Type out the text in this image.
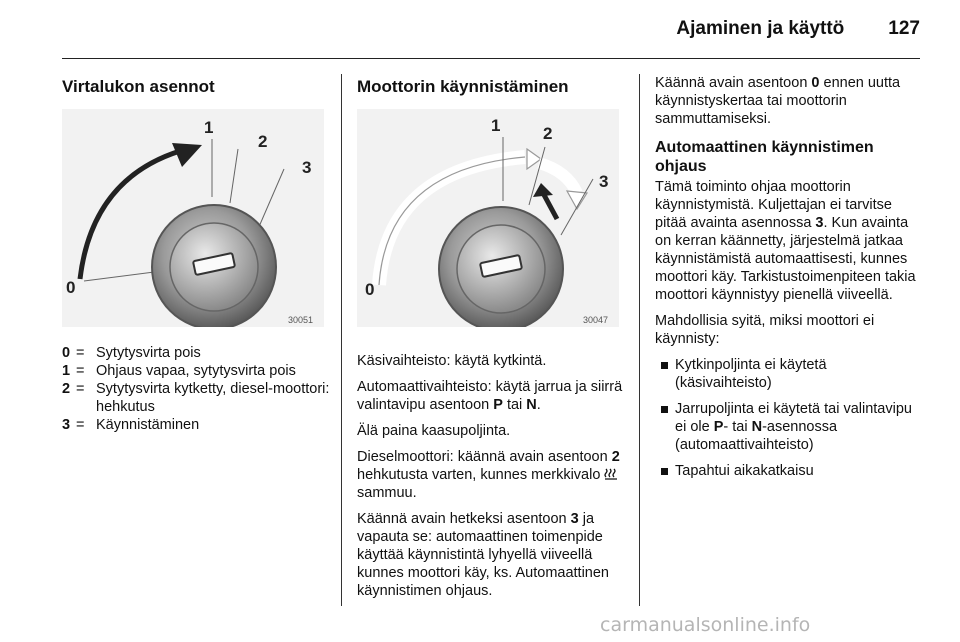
Ajaminen ja käyttö 127
Virtalukon asennot
1
2
3
0
30051
0 = Sytytysvirta pois
1 = Ohjaus vapaa, sytytysvirta pois
2 = Sytytysvirta kytketty, diesel-moottori: hehkutus
3 = Käynnistäminen
Moottorin käynnistäminen
1	2
3
0
30047

Käsivaihteisto: käytä kytkintä.

Automaattivaihteisto: käytä jarrua ja siirrä valintavipu asentoon P tai N.

Älä paina kaasupoljinta.

Dieselmoottori: käännä avain asentoon 2 hehkutusta varten, kunnes merkkivalo  sammuu.

Käännä avain hetkeksi asentoon 3 ja vapauta se: automaattinen toimenpide käyttää käynnistintä lyhyellä viiveellä kunnes moottori käy, ks. Automaattinen käynnistimen ohjaus.

Käännä avain asentoon 0 ennen uutta käynnistyskertaa tai moottorin sammuttamiseksi.

Automaattinen käynnistimen ohjaus

Tämä toiminto ohjaa moottorin käynnistymistä. Kuljettajan ei tarvitse pitää avainta asennossa 3. Kun avainta on kerran käännetty, järjestelmä jatkaa käynnistämistä automaattisesti, kunnes moottori käy. Tarkistustoimenpiteen takia moottori käynnistyy pienellä viiveellä.

Mahdollisia syitä, miksi moottori ei käynnisty:

Kytkinpoljinta ei käytetä (käsivaihteisto)
Jarrupoljinta ei käytetä tai valintavipu ei ole P- tai N-asennossa (automaattivaihteisto)
Tapahtui aikakatkaisu
carmanualsonline.info
